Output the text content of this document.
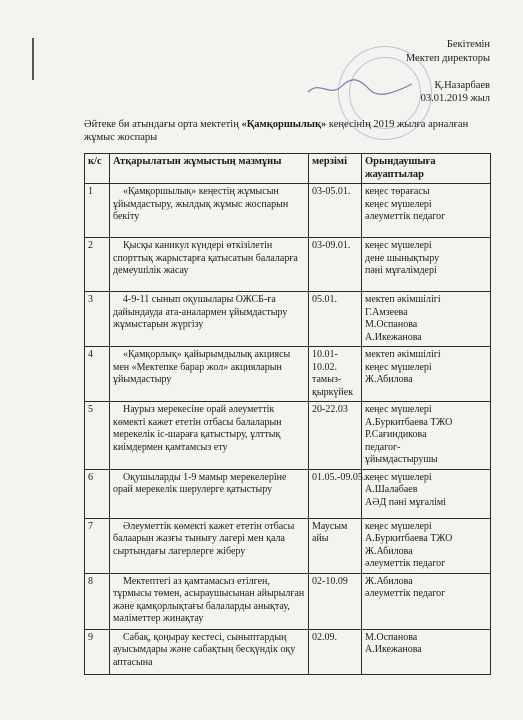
Бекітемін
Мектеп директоры
Қ.Назарбаев
03.01.2019 жыл
Әйтеке би атындағы орта мектетің «Қамқоршылық» кеңесінің 2019 жылға арналған жұмыс жоспары
к/с	Атқарылатын жұмыстың мазмұны	мерзімі	Орындаушыға жауаптылар
1	«Қамқоршылық» кеңестің жұмысын ұйымдастыру, жылдық жұмыс жоспарын бекіту	03-05.01.	кеңес төрағасы
кеңес мүшелері
әлеуметтік педагог

2	Қысқы каникул күндері өткізілетін спорттық жарыстарға қатысатын балаларға демеушілік жасау	03-09.01.	кеңес мүшелері
дене шынықтыру
пәні мұғалімдері

3	4-9-11 сынып оқушылары ОЖСБ-ға дайындауда ата-аналармен ұйымдастыру жұмыстарын жүргізу	05.01.	мектеп әкімшілігі
Г.Амзеева
М.Оспанова
А.Икежанова

4	«Қамқорлық» қайырымдылық акциясы мен «Мектепке барар жол» акцияларын ұйымдастыру	10.01-10.02. тамыз-қыркүйек	мектеп әкімшілігі
кеңес мүшелері
Ж.Абилова

5	Наурыз мерекесіне орай әлеуметтік көмекті кажет ететін отбасы балаларын мерекелік іс-шараға қатыстыру, ұлттық киімдермен қамтамсыз ету	20-22.03	кеңес мүшелері
А.Буркитбаева ТЖО
Р.Сағиндикова
педагог-
ұйымдастырушы

6	Оқушыларды 1-9 мамыр мерекелеріне орай мерекелік шерулерге қатыстыру	01.05.-09.05.	кеңес мүшелері
А.Шалабаев
АӘД пәні мұғалімі

7	Әлеуметтік көмекті кажет ететін отбасы балаарын жазғы тынығу лагері мен қала сыртындағы лагерлерге жіберу	Маусым айы	кеңес мүшелері
А.Буркитбаева ТЖО
Ж.Абилова
әлеуметтік педагог

8	Мектептегі аз қамтамасыз етілген, тұрмысы төмен, асыраушысынан айырылған және қамқорлықтағы балаларды анықтау, мәліметтер жинақтау	02-10.09	Ж.Абилова
әлеуметтік педагог

9	Сабақ, қоңырау кестесі, сыныптардың ауысымдары және сабақтың бесқүндік оқу аптасына	02.09.	М.Оспанова
А.Икежанова
